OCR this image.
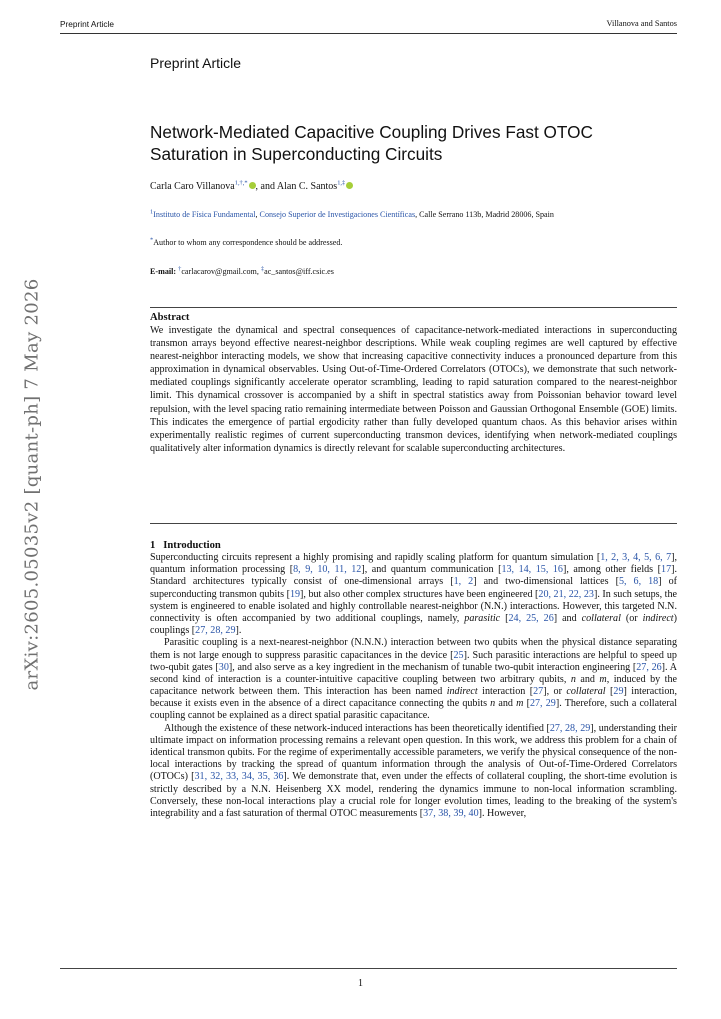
Preprint Article	Villanova and Santos
arXiv:2605.05035v2 [quant-ph] 7 May 2026
Preprint Article
Network-Mediated Capacitive Coupling Drives Fast OTOC
Saturation in Superconducting Circuits
Carla Caro Villanova$^{1,\dagger,*}$ , and Alan C. Santos$^{1,\ddagger}$
$^1$Instituto de Física Fundamental, Consejo Superior de Investigaciones Científicas, Calle Serrano 113b, Madrid 28006, Spain
*Author to whom any correspondence should be addressed.
E-mail: †carlacarov@gmail.com, ‡ac_santos@iff.csic.es
Abstract
We investigate the dynamical and spectral consequences of capacitance-network-mediated interactions in superconducting transmon arrays beyond effective nearest-neighbor descriptions. While weak coupling regimes are well captured by effective nearest-neighbor interacting models, we show that increasing capacitive connectivity induces a pronounced departure from this approximation in dynamical observables. Using Out-of-Time-Ordered Correlators (OTOCs), we demonstrate that such network-mediated couplings significantly accelerate operator scrambling, leading to rapid saturation compared to the nearest-neighbor limit. This dynamical crossover is accompanied by a shift in spectral statistics away from Poissonian behavior toward level repulsion, with the level spacing ratio remaining intermediate between Poisson and Gaussian Orthogonal Ensemble (GOE) limits. This indicates the emergence of partial ergodicity rather than fully developed quantum chaos. As this behavior arises within experimentally realistic regimes of current superconducting transmon devices, identifying when network-mediated couplings qualitatively alter information dynamics is directly relevant for scalable superconducting architectures.
1 Introduction

Superconducting circuits represent a highly promising and rapidly scaling platform for quantum simulation [1, 2, 3, 4, 5, 6, 7], quantum information processing [8, 9, 10, 11, 12], and quantum communication [13, 14, 15, 16], among other fields [17]. Standard architectures typically consist of one-dimensional arrays [1, 2] and two-dimensional lattices [5, 6, 18] of superconducting transmon qubits [19], but also other complex structures have been engineered [20, 21, 22, 23]. In such setups, the system is engineered to enable isolated and highly controllable nearest-neighbor (N.N.) interactions. However, this targeted N.N. connectivity is often accompanied by two additional couplings, namely, parasitic [24, 25, 26] and collateral (or indirect) couplings [27, 28, 29].

Parasitic coupling is a next-nearest-neighbor (N.N.N.) interaction between two qubits when the physical distance separating them is not large enough to suppress parasitic capacitances in the device [25]. Such parasitic interactions are helpful to speed up two-qubit gates [30], and also serve as a key ingredient in the mechanism of tunable two-qubit interaction engineering [27, 26]. A second kind of interaction is a counter-intuitive capacitive coupling between two arbitrary qubits, n and m, induced by the capacitance network between them. This interaction has been named indirect interaction [27], or collateral [29] interaction, because it exists even in the absence of a direct capacitance connecting the qubits n and m [27, 29]. Therefore, such a collateral coupling cannot be explained as a direct spatial parasitic capacitance.

Although the existence of these network-induced interactions has been theoretically identified [27, 28, 29], understanding their ultimate impact on information processing remains a relevant open question. In this work, we address this problem for a chain of identical transmon qubits. For the regime of experimentally accessible parameters, we verify the physical consequence of the non-local interactions by tracking the spread of quantum information through the analysis of Out-of-Time-Ordered Correlators (OTOCs) [31, 32, 33, 34, 35, 36]. We demonstrate that, even under the effects of collateral coupling, the short-time evolution is strictly described by a N.N. Heisenberg XX model, rendering the dynamics immune to non-local information scrambling. Conversely, these non-local interactions play a crucial role for longer evolution times, leading to the breaking of the system's integrability and a fast saturation of thermal OTOC measurements [37, 38, 39, 40]. However,

1
